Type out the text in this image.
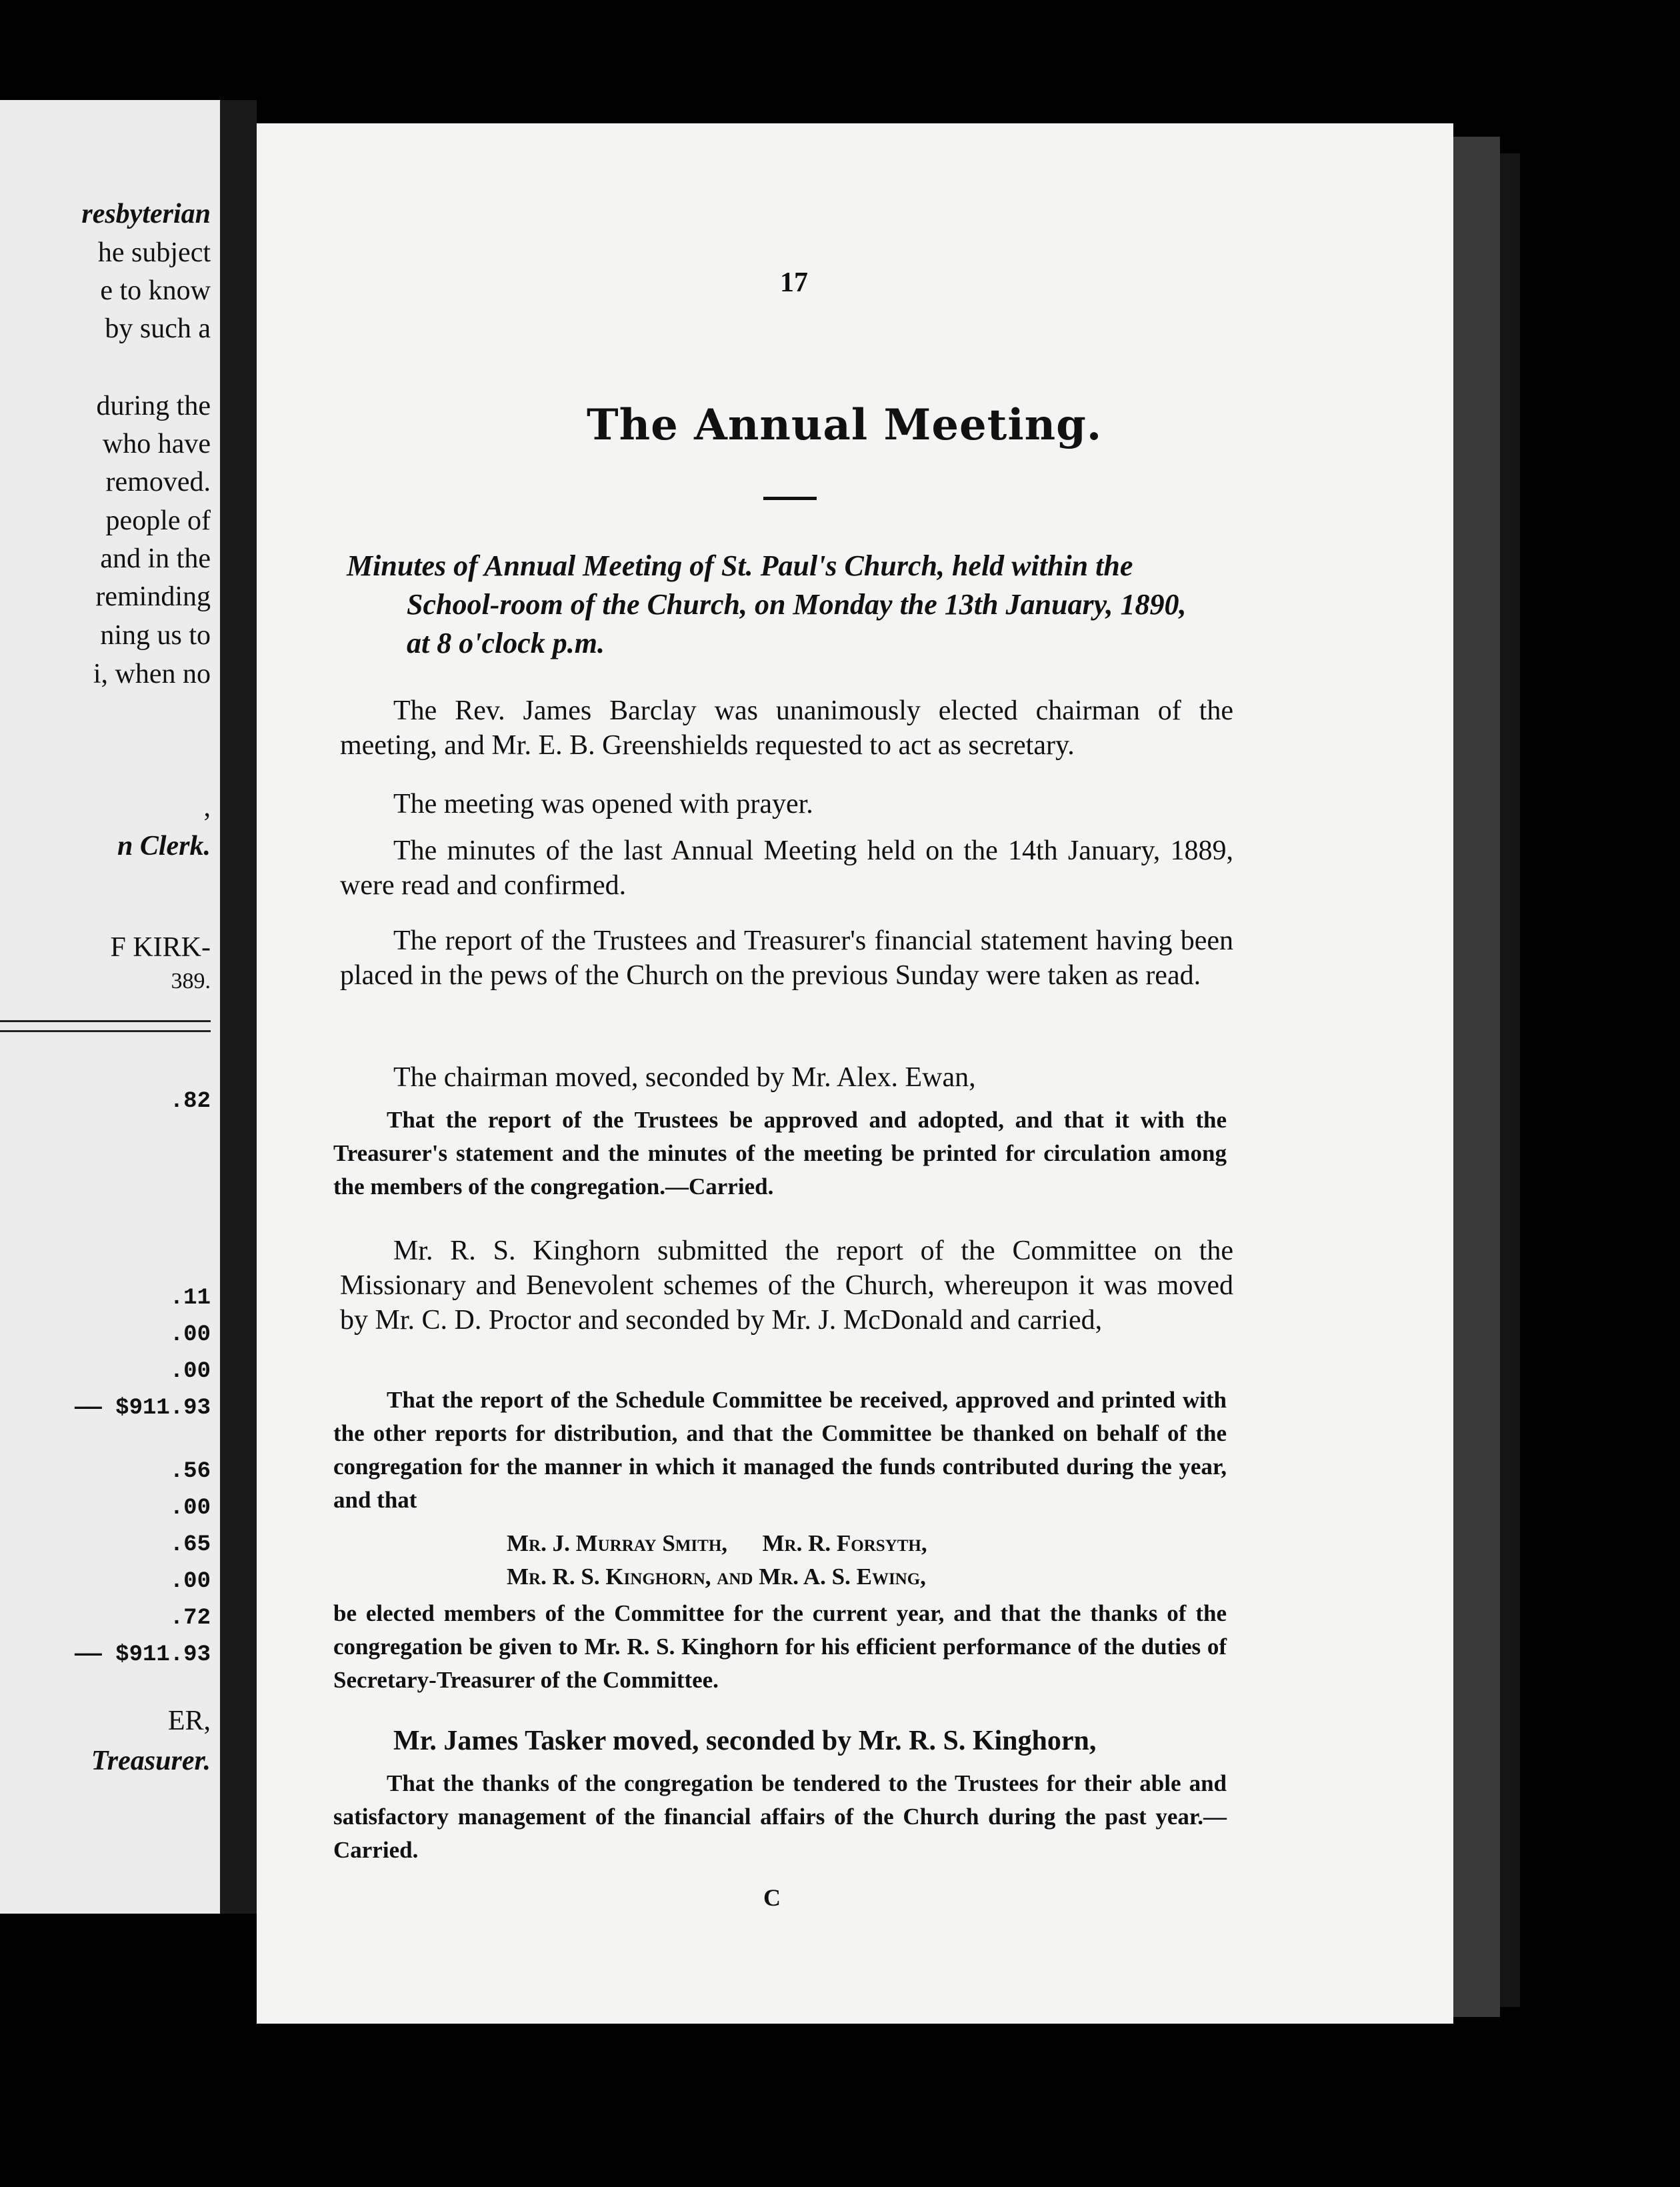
resbyterian
he subject
e to know
by such a
during the
who have
removed.
people of
and in the
reminding
ning us to
i, when no
,
n Clerk.
F KIRK-
389.
.82
.11
.00
.00
—— $911.93
.56
.00
.65
.00
.72
—— $911.93
ER,
Treasurer.
17
The Annual Meeting.
Minutes of Annual Meeting of St. Paul's Church, held within the
School-room of the Church, on Monday the 13th January, 1890,
at 8 o'clock p.m.
The Rev. James Barclay was unanimously elected chairman of the meeting, and Mr. E. B. Greenshields requested to act as secretary.
The meeting was opened with prayer.
The minutes of the last Annual Meeting held on the 14th January, 1889, were read and confirmed.
The report of the Trustees and Treasurer's financial statement having been placed in the pews of the Church on the previous Sunday were taken as read.
The chairman moved, seconded by Mr. Alex. Ewan,
That the report of the Trustees be approved and adopted, and that it with the Treasurer's statement and the minutes of the meeting be printed for circulation among the members of the congregation.—Carried.
Mr. R. S. Kinghorn submitted the report of the Committee on the Missionary and Benevolent schemes of the Church, whereupon it was moved by Mr. C. D. Proctor and seconded by Mr. J. McDonald and carried,
That the report of the Schedule Committee be received, approved and printed with the other reports for distribution, and that the Committee be thanked on behalf of the congregation for the manner in which it managed the funds contributed during the year, and that
Mr. J. Murray Smith,      Mr. R. Forsyth,
Mr. R. S. Kinghorn, and Mr. A. S. Ewing,
be elected members of the Committee for the current year, and that the thanks of the congregation be given to Mr. R. S. Kinghorn for his efficient performance of the duties of Secretary-Treasurer of the Committee.
Mr. James Tasker moved, seconded by Mr. R. S. Kinghorn,
That the thanks of the congregation be tendered to the Trustees for their able and satisfactory management of the financial affairs of the Church during the past year.—Carried.
C
